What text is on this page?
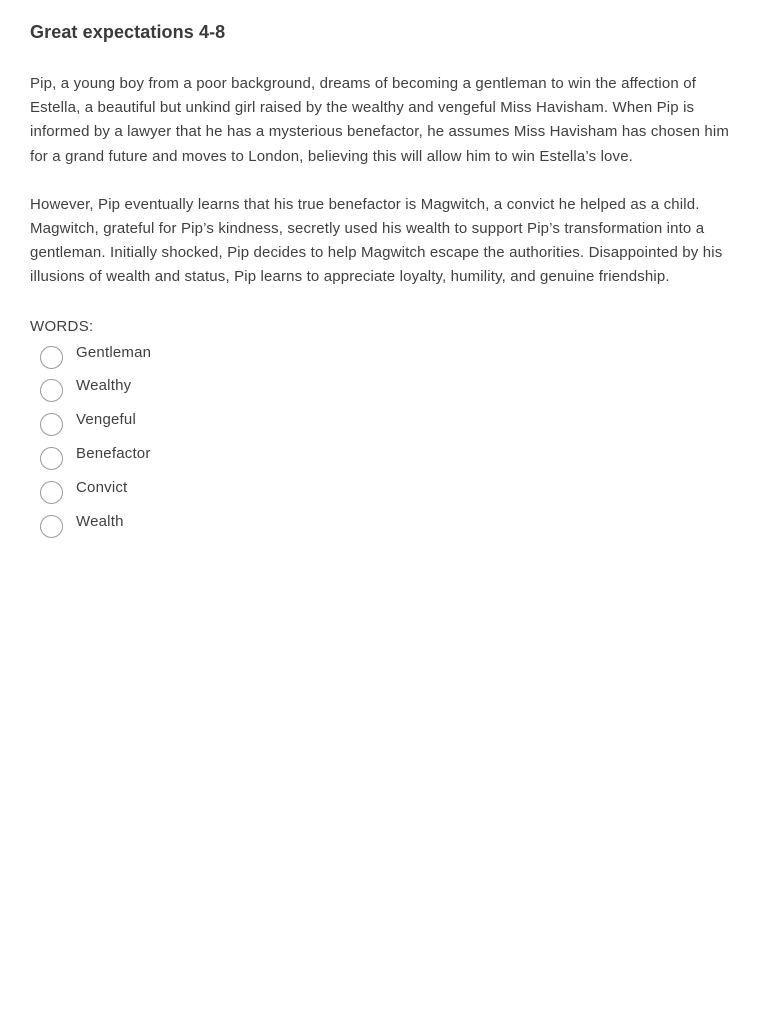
Great expectations 4-8

Pip, a young boy from a poor background, dreams of becoming a gentleman to win the affection of Estella, a beautiful but unkind girl raised by the wealthy and vengeful Miss Havisham. When Pip is informed by a lawyer that he has a mysterious benefactor, he assumes Miss Havisham has chosen him for a grand future and moves to London, believing this will allow him to win Estella’s love.

However, Pip eventually learns that his true benefactor is Magwitch, a convict he helped as a child. Magwitch, grateful for Pip’s kindness, secretly used his wealth to support Pip’s transformation into a gentleman. Initially shocked, Pip decides to help Magwitch escape the authorities. Disappointed by his illusions of wealth and status, Pip learns to appreciate loyalty, humility, and genuine friendship.

WORDS:
Gentleman
Wealthy
Vengeful
Benefactor
Convict
Wealth
